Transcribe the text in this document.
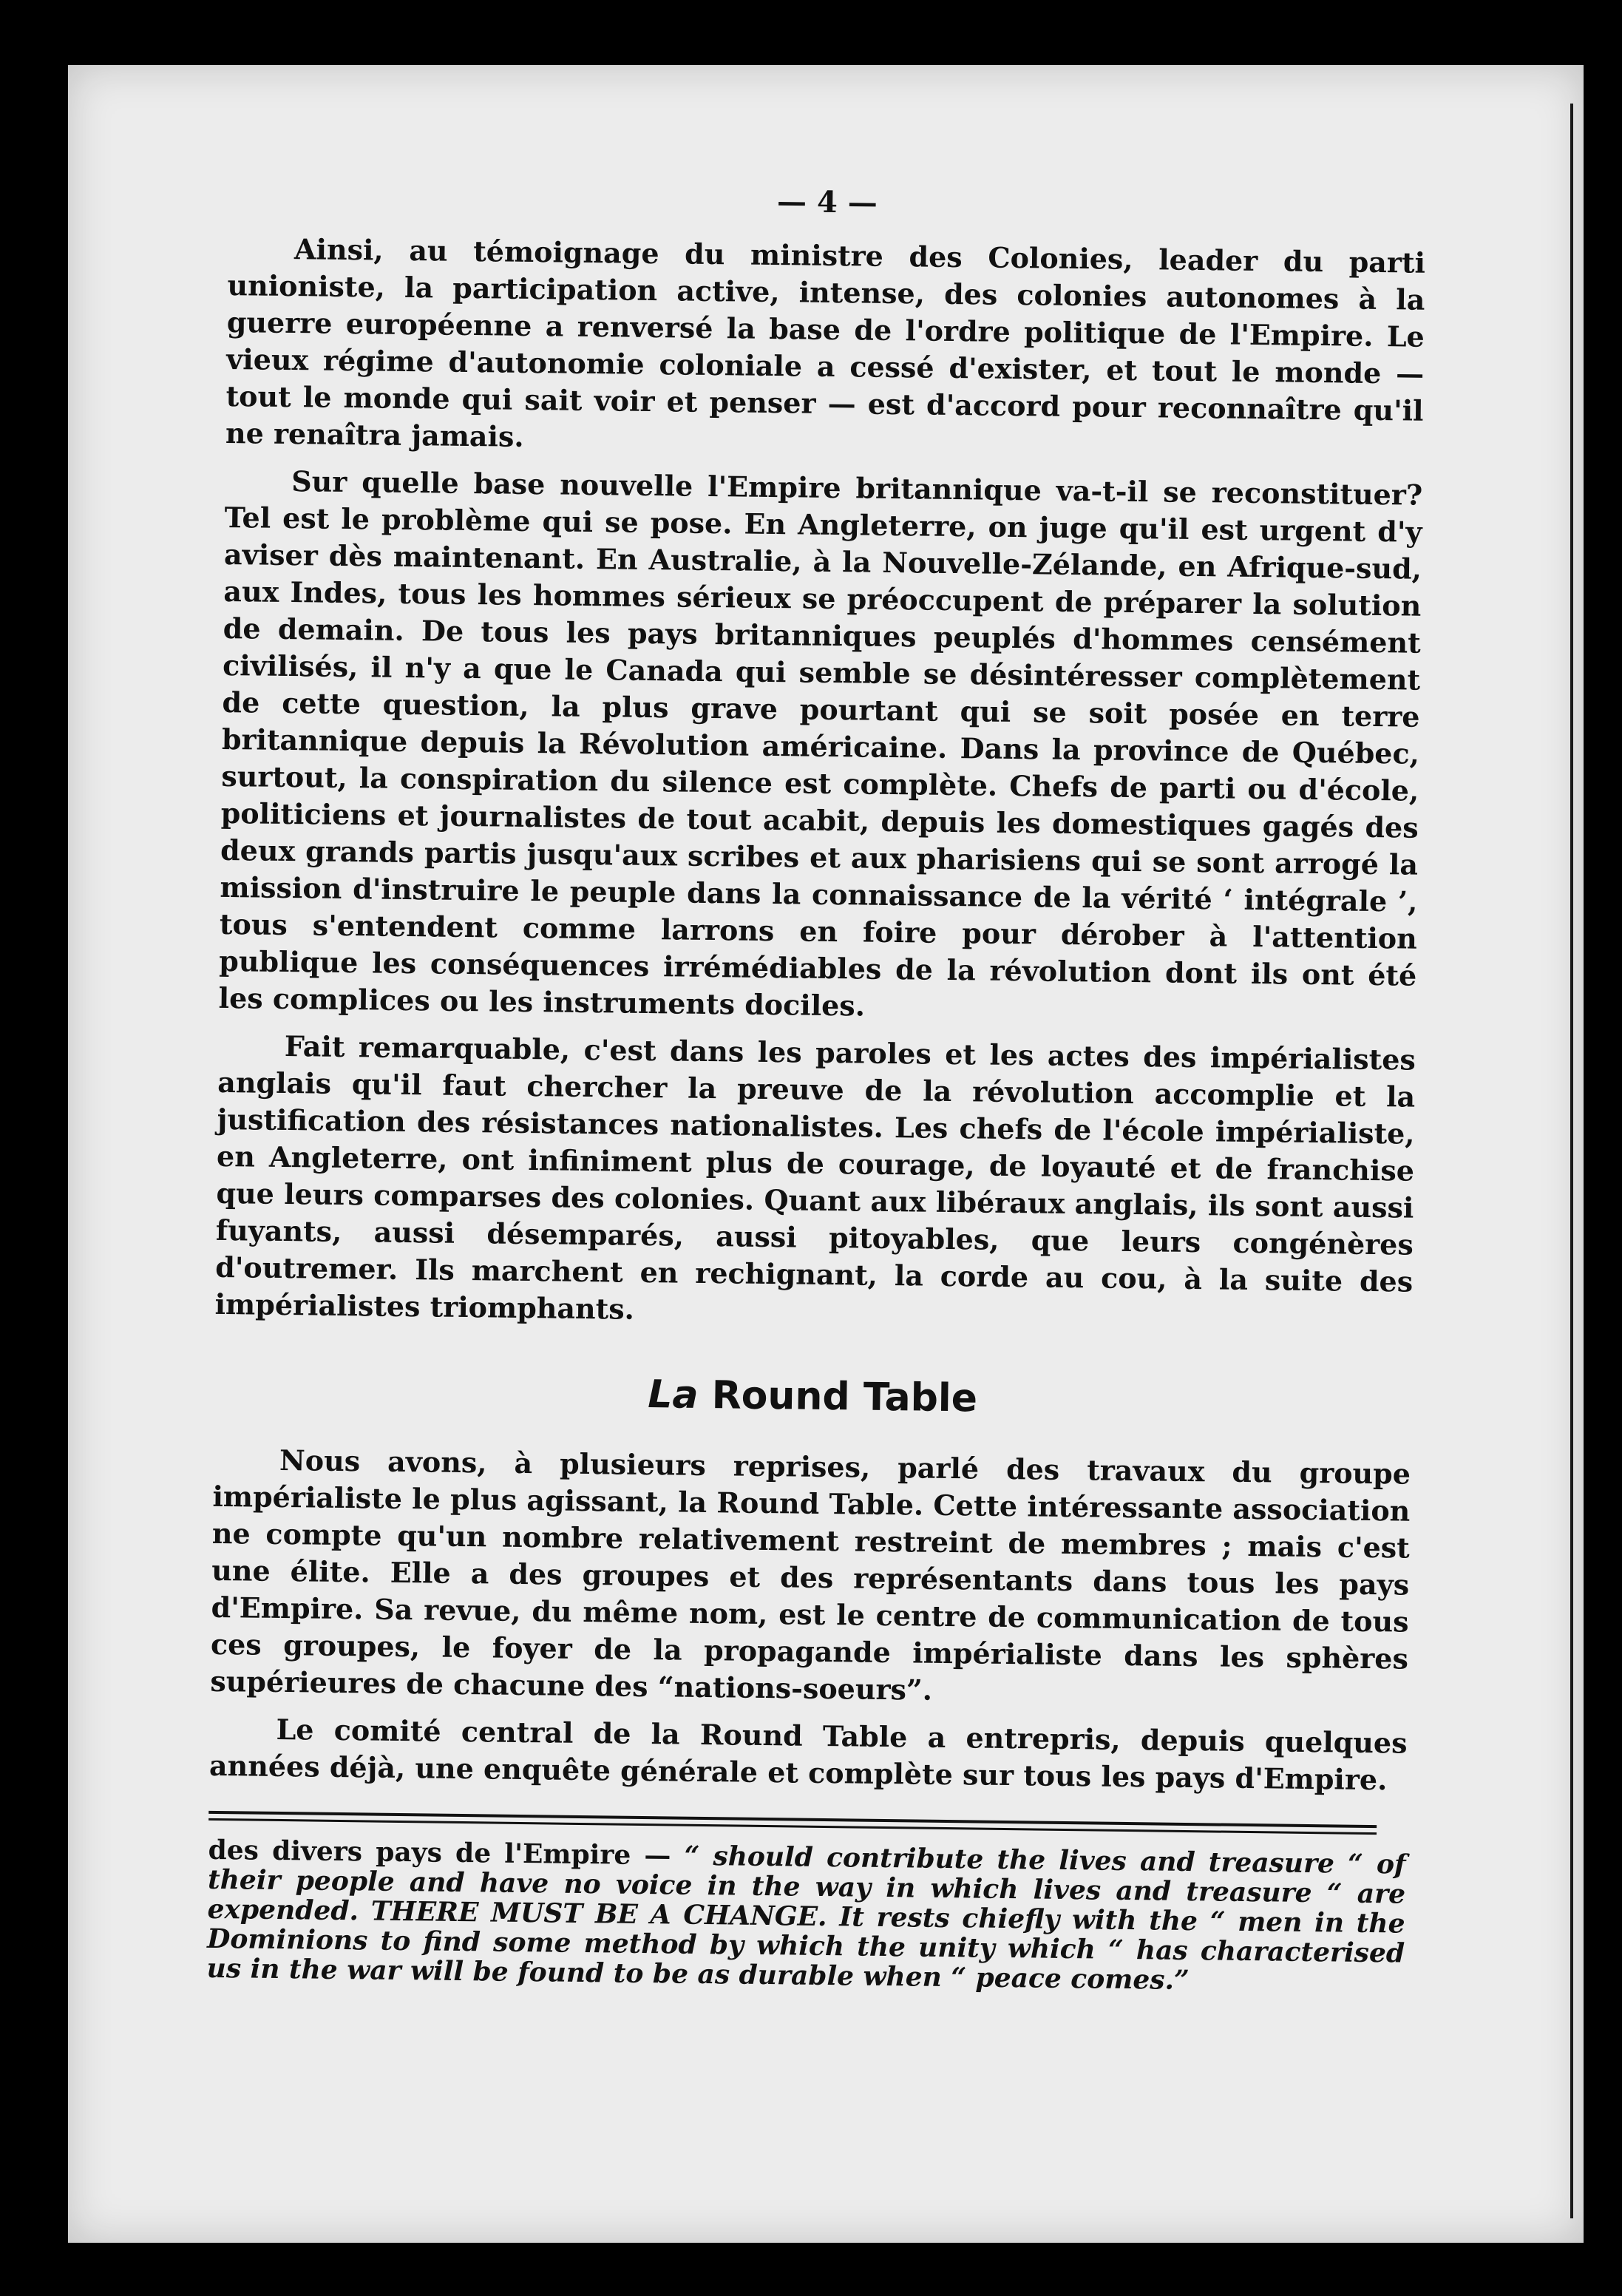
— 4 —

Ainsi, au témoignage du ministre des Colonies, leader du parti unioniste, la participation active, intense, des colonies autonomes à la guerre européenne a renversé la base de l'ordre politique de l'Empire. Le vieux régime d'autonomie coloniale a cessé d'exister, et tout le monde — tout le monde qui sait voir et penser — est d'accord pour reconnaître qu'il ne renaîtra jamais.

Sur quelle base nouvelle l'Empire britannique va-t-il se reconstituer? Tel est le problème qui se pose. En Angleterre, on juge qu'il est urgent d'y aviser dès maintenant. En Australie, à la Nouvelle-Zélande, en Afrique-sud, aux Indes, tous les hommes sérieux se préoccupent de préparer la solution de demain. De tous les pays britanniques peuplés d'hommes censément civilisés, il n'y a que le Canada qui semble se désintéresser complètement de cette question, la plus grave pourtant qui se soit posée en terre britannique depuis la Révolution américaine. Dans la province de Québec, surtout, la conspiration du silence est complète. Chefs de parti ou d'école, politiciens et journalistes de tout acabit, depuis les domestiques gagés des deux grands partis jusqu'aux scribes et aux pharisiens qui se sont arrogé la mission d'instruire le peuple dans la connaissance de la vérité ‘ intégrale ’, tous s'entendent comme larrons en foire pour dérober à l'attention publique les conséquences irrémédiables de la révolution dont ils ont été les complices ou les instruments dociles.

Fait remarquable, c'est dans les paroles et les actes des impérialistes anglais qu'il faut chercher la preuve de la révolution accomplie et la justification des résistances nationalistes. Les chefs de l'école impérialiste, en Angleterre, ont infiniment plus de courage, de loyauté et de franchise que leurs comparses des colonies. Quant aux libéraux anglais, ils sont aussi fuyants, aussi désemparés, aussi pitoyables, que leurs congénères d'outremer. Ils marchent en rechignant, la corde au cou, à la suite des impérialistes triomphants.

La Round Table

Nous avons, à plusieurs reprises, parlé des travaux du groupe impérialiste le plus agissant, la Round Table. Cette intéressante association ne compte qu'un nombre relativement restreint de membres ; mais c'est une élite. Elle a des groupes et des représentants dans tous les pays d'Empire. Sa revue, du même nom, est le centre de communication de tous ces groupes, le foyer de la propagande impérialiste dans les sphères supérieures de chacune des “nations-soeurs”.

Le comité central de la Round Table a entrepris, depuis quelques années déjà, une enquête générale et complète sur tous les pays d'Empire.

des divers pays de l'Empire — “ should contribute the lives and treasure “ of their people and have no voice in the way in which lives and treasure “ are expended. THERE MUST BE A CHANGE. It rests chiefly with the “ men in the Dominions to find some method by which the unity which “ has characterised us in the war will be found to be as durable when “ peace comes.”
